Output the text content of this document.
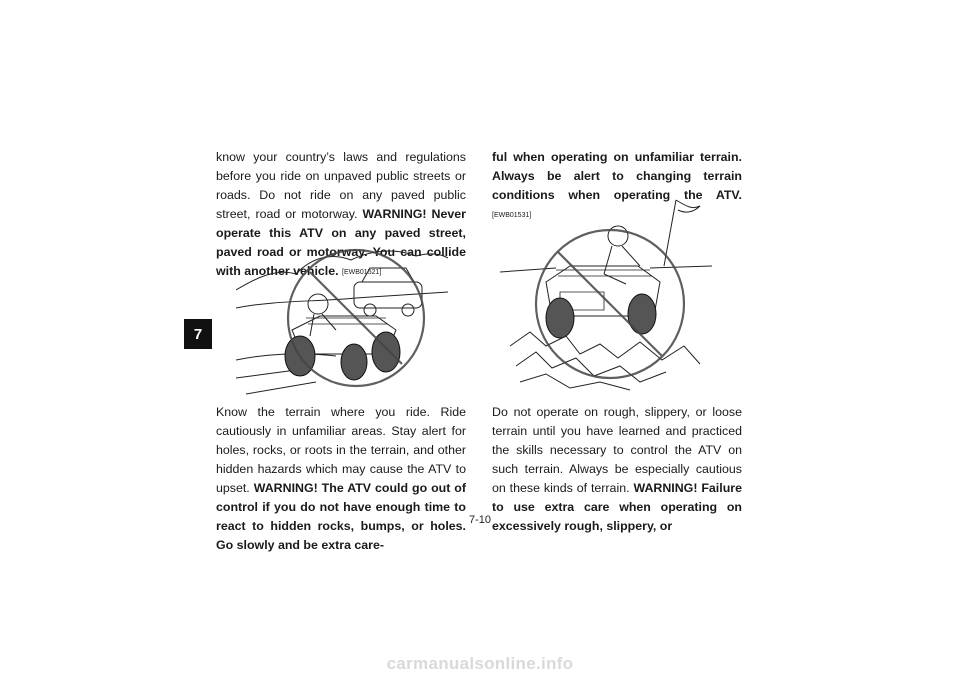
7

know your country’s laws and regulations before you ride on unpaved public streets or roads. Do not ride on any paved public street, road or motorway. WARNING! Never operate this ATV on any paved street, paved road or motorway. You can collide with another vehicle. [EWB01521]

Know the terrain where you ride. Ride cautiously in unfamiliar areas. Stay alert for holes, rocks, or roots in the terrain, and other hidden hazards which may cause the ATV to upset. WARNING! The ATV could go out of control if you do not have enough time to react to hidden rocks, bumps, or holes. Go slowly and be extra care-

ful when operating on unfamiliar terrain. Always be alert to changing terrain conditions when operating the ATV. [EWB01531]

Do not operate on rough, slippery, or loose terrain until you have learned and practiced the skills necessary to control the ATV on such terrain. Always be especially cautious on these kinds of terrain. WARNING! Failure to use extra care when operating on excessively rough, slippery, or

7-10
carmanualsonline.info
